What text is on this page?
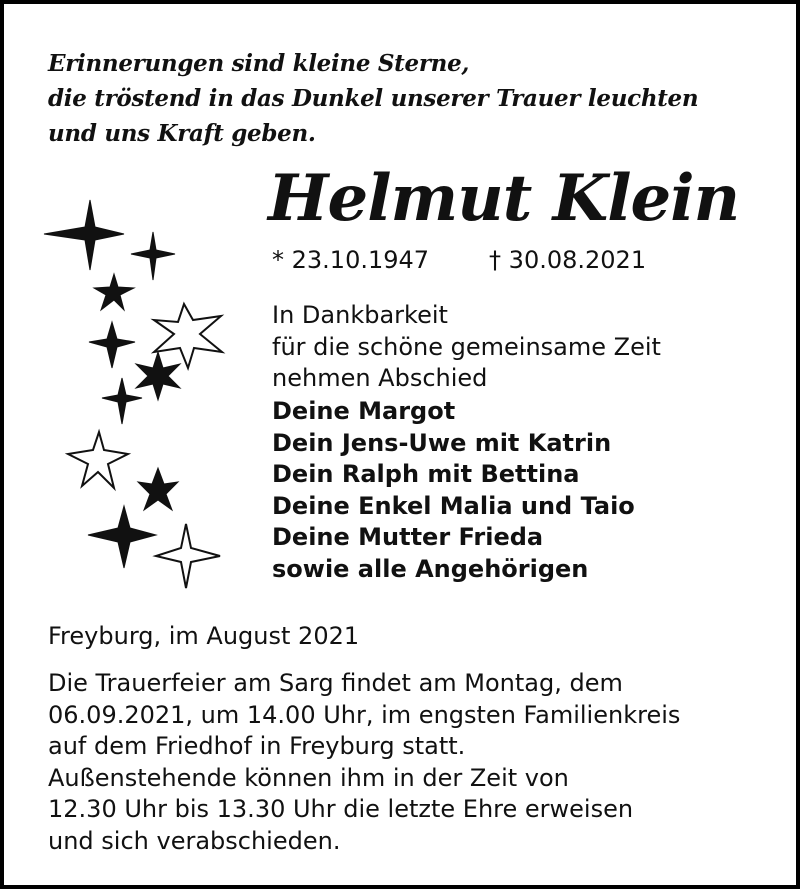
Erinnerungen sind kleine Sterne,
die tröstend in das Dunkel unserer Trauer leuchten
und uns Kraft geben.
Helmut Klein
* 23.10.1947	† 30.08.2021
In Dankbarkeit
für die schöne gemeinsame Zeit
nehmen Abschied
Deine Margot
Dein Jens-Uwe mit Katrin
Dein Ralph mit Bettina
Deine Enkel Malia und Taio
Deine Mutter Frieda
sowie alle Angehörigen
Freyburg, im August 2021
Die Trauerfeier am Sarg findet am Montag, dem
06.09.2021, um 14.00 Uhr, im engsten Familienkreis
auf dem Friedhof in Freyburg statt.
Außenstehende können ihm in der Zeit von
12.30 Uhr bis 13.30 Uhr die letzte Ehre erweisen
und sich verabschieden.
